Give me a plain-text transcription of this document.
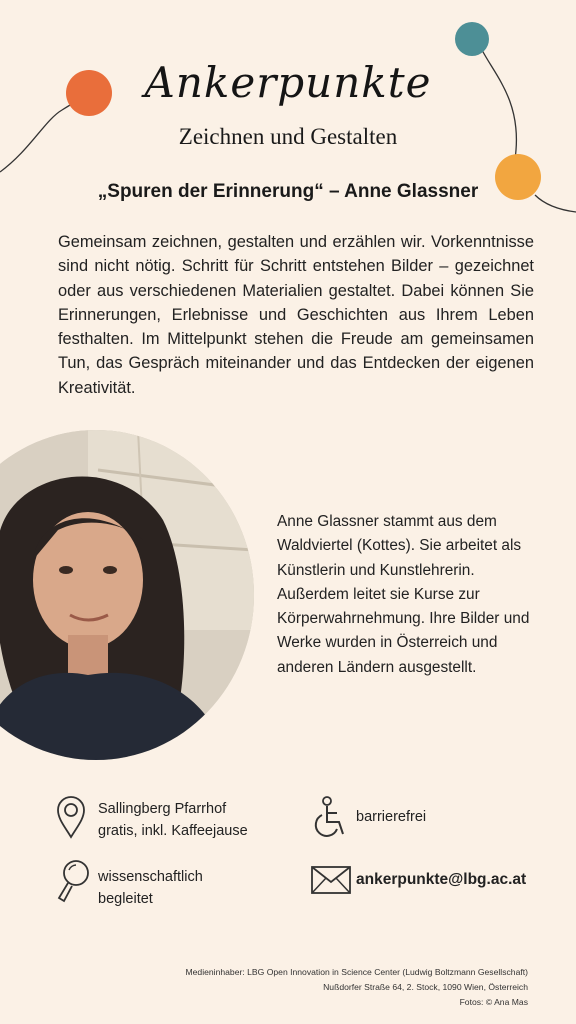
Ankerpunkte
Zeichnen und Gestalten
„Spuren der Erinnerung“ – Anne Glassner
Gemeinsam zeichnen, gestalten und erzählen wir. Vorkenntnisse sind nicht nötig. Schritt für Schritt entstehen Bilder – gezeichnet oder aus verschiedenen Materialien gestaltet. Dabei können Sie Erinnerungen, Erlebnisse und Geschichten aus Ihrem Leben festhalten. Im Mittelpunkt stehen die Freude am gemeinsamen Tun, das Gespräch miteinander und das Entdecken der eigenen Kreativität.
Anne Glassner stammt aus dem Waldviertel (Kottes). Sie arbeitet als Künstlerin und Kunstlehrerin. Außerdem leitet sie Kurse zur Körperwahrnehmung. Ihre Bilder und Werke wurden in Österreich und anderen Ländern ausgestellt.
Sallingberg Pfarrhof
gratis, inkl. Kaffeejause
barrierefrei
wissenschaftlich
begleitet
ankerpunkte@lbg.ac.at
Medieninhaber: LBG Open Innovation in Science Center (Ludwig Boltzmann Gesellschaft)
Nußdorfer Straße 64, 2. Stock, 1090 Wien, Österreich
Fotos: © Ana Mas
